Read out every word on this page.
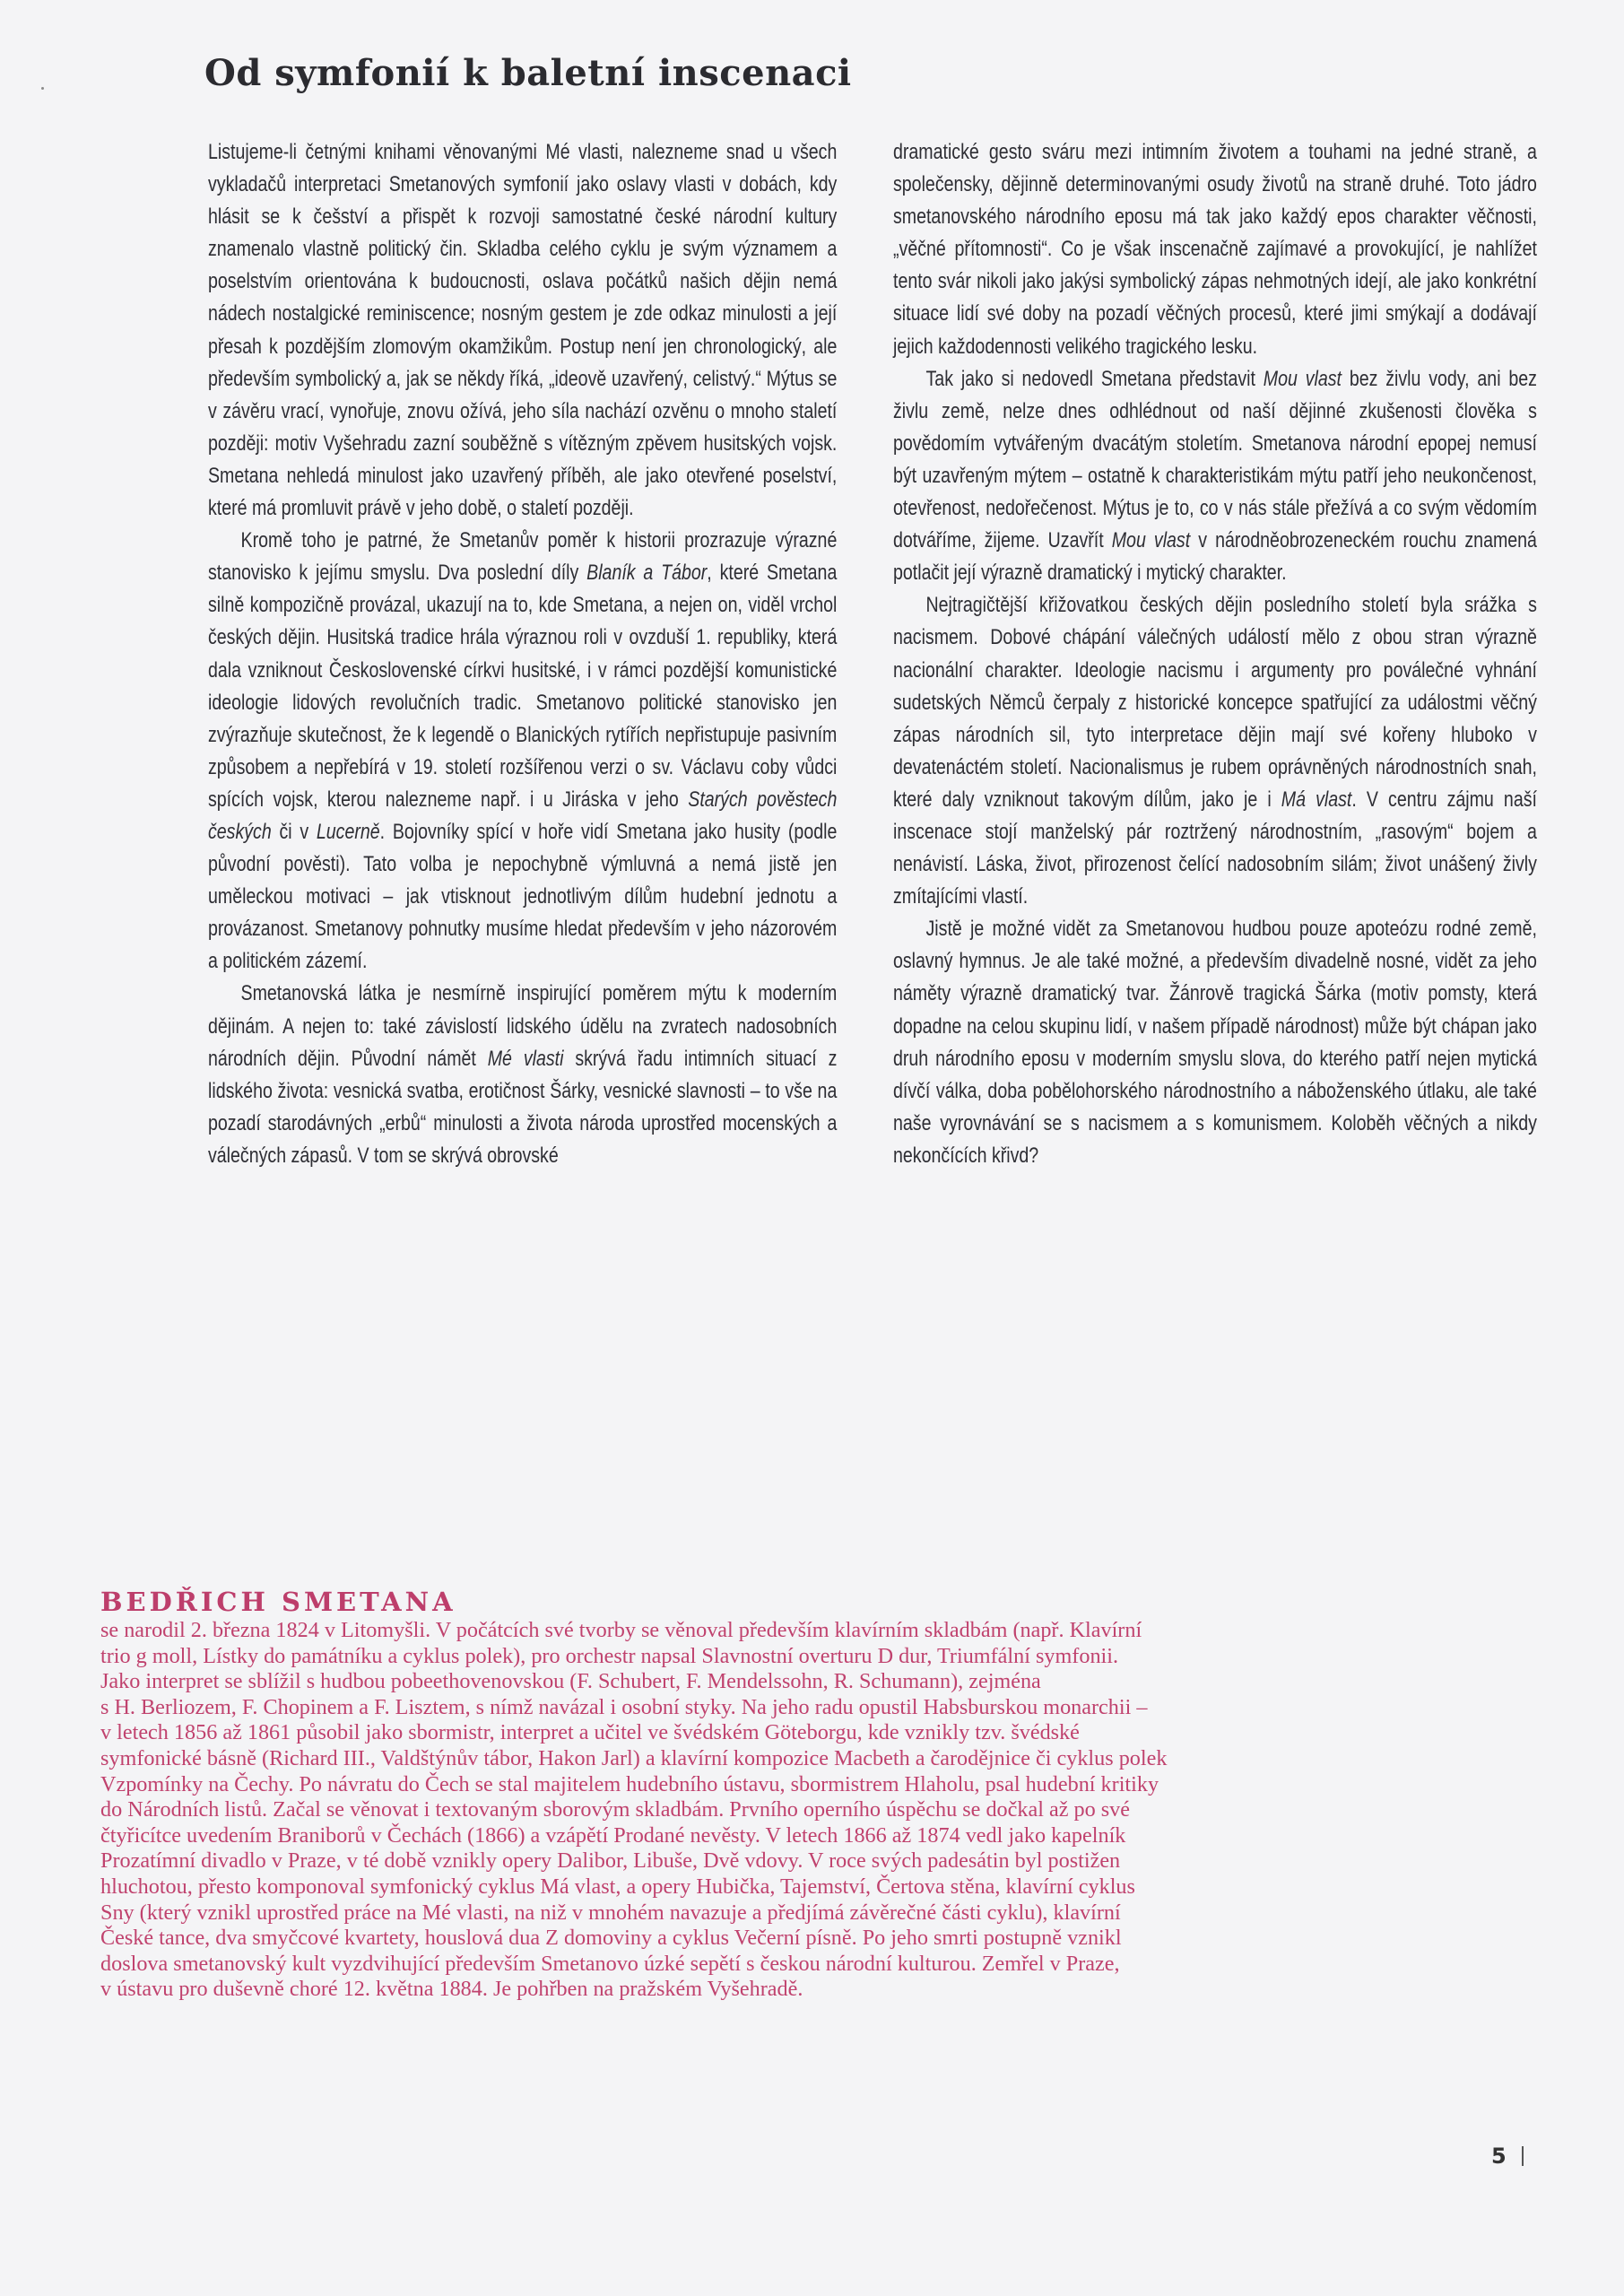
Od symfonií k baletní inscenaci

Listujeme-li četnými knihami věnovanými Mé vlasti, nalezneme snad u všech vykladačů interpretaci Smetanových symfonií jako oslavy vlasti v dobách, kdy hlásit se k češství a přispět k rozvoji samostatné české národní kultury znamenalo vlastně politický čin. Skladba celého cyklu je svým významem a poselstvím orientována k budoucnosti, oslava počátků našich dějin nemá nádech nostalgické reminiscence; nosným gestem je zde odkaz minulosti a její přesah k pozdějším zlomovým okamžikům. Postup není jen chronologický, ale především symbolický a, jak se někdy říká, „ideově uzavřený, celistvý.“ Mýtus se v závěru vrací, vynořuje, znovu ožívá, jeho síla nachází ozvěnu o mnoho staletí později: motiv Vyšehradu zazní souběžně s vítězným zpěvem husitských vojsk. Smetana nehledá minulost jako uzavřený příběh, ale jako otevřené poselství, které má promluvit právě v jeho době, o staletí později.

Kromě toho je patrné, že Smetanův poměr k historii prozrazuje výrazné stanovisko k jejímu smyslu. Dva poslední díly Blaník a Tábor, které Smetana silně kompozičně provázal, ukazují na to, kde Smetana, a nejen on, viděl vrchol českých dějin. Husitská tradice hrála výraznou roli v ovzduší 1. republiky, která dala vzniknout Československé církvi husitské, i v rámci pozdější komunistické ideologie lidových revolučních tradic. Smetanovo politické stanovisko jen zvýrazňuje skutečnost, že k legendě o Blanických rytířích nepřistupuje pasivním způsobem a nepřebírá v 19. století rozšířenou verzi o sv. Václavu coby vůdci spících vojsk, kterou nalezneme např. i u Jiráska v jeho Starých pověstech českých či v Lucerně. Bojovníky spící v hoře vidí Smetana jako husity (podle původní pověsti). Tato volba je nepochybně výmluvná a nemá jistě jen uměleckou motivaci – jak vtisknout jednotlivým dílům hudební jednotu a provázanost. Smetanovy pohnutky musíme hledat především v jeho názorovém a politickém zázemí.

Smetanovská látka je nesmírně inspirující poměrem mýtu k moderním dějinám. A nejen to: také závislostí lidského údělu na zvratech nadosobních národních dějin. Původní námět Mé vlasti skrývá řadu intimních situací z lidského života: vesnická svatba, erotičnost Šárky, vesnické slavnosti – to vše na pozadí starodávných „erbů“ minulosti a života národa uprostřed mocenských a válečných zápasů. V tom se skrývá obrovské

dramatické gesto sváru mezi intimním životem a touhami na jedné straně, a společensky, dějinně determinovanými osudy životů na straně druhé. Toto jádro smetanovského národního eposu má tak jako každý epos charakter věčnosti, „věčné přítomnosti“. Co je však inscenačně zajímavé a provokující, je nahlížet tento svár nikoli jako jakýsi symbolický zápas nehmotných idejí, ale jako konkrétní situace lidí své doby na pozadí věčných procesů, které jimi smýkají a dodávají jejich každodennosti velikého tragického lesku.

Tak jako si nedovedl Smetana představit Mou vlast bez živlu vody, ani bez živlu země, nelze dnes odhlédnout od naší dějinné zkušenosti člověka s povědomím vytvářeným dvacátým stoletím. Smetanova národní epopej nemusí být uzavřeným mýtem – ostatně k charakteristikám mýtu patří jeho neukončenost, otevřenost, nedořečenost. Mýtus je to, co v nás stále přežívá a co svým vědomím dotváříme, žijeme. Uzavřít Mou vlast v národněobrozeneckém rouchu znamená potlačit její výrazně dramatický i mytický charakter.

Nejtragičtější křižovatkou českých dějin posledního století byla srážka s nacismem. Dobové chápání válečných událostí mělo z obou stran výrazně nacionální charakter. Ideologie nacismu i argumenty pro poválečné vyhnání sudetských Němců čerpaly z historické koncepce spatřující za událostmi věčný zápas národních sil, tyto interpretace dějin mají své kořeny hluboko v devatenáctém století. Nacionalismus je rubem oprávněných národnostních snah, které daly vzniknout takovým dílům, jako je i Má vlast. V centru zájmu naší inscenace stojí manželský pár roztržený národnostním, „rasovým“ bojem a nenávistí. Láska, život, přirozenost čelící nadosobním silám; život unášený živly zmítajícími vlastí.

Jistě je možné vidět za Smetanovou hudbou pouze apoteózu rodné země, oslavný hymnus. Je ale také možné, a především divadelně nosné, vidět za jeho náměty výrazně dramatický tvar. Žánrově tragická Šárka (motiv pomsty, která dopadne na celou skupinu lidí, v našem případě národnost) může být chápan jako druh národního eposu v moderním smyslu slova, do kterého patří nejen mytická dívčí válka, doba pobělohorského národnostního a náboženského útlaku, ale také naše vyrovnávání se s nacismem a s komunismem. Koloběh věčných a nikdy nekončících křivd?

BEDŘICH SMETANA

se narodil 2. března 1824 v Litomyšli. V počátcích své tvorby se věnoval především klavírním skladbám (např. Klavírní
trio g moll, Lístky do památníku a cyklus polek), pro orchestr napsal Slavnostní overturu D dur, Triumfální symfonii.
Jako interpret se sblížil s hudbou pobeethovenovskou (F. Schubert, F. Mendelssohn, R. Schumann), zejména
s H. Berliozem, F. Chopinem a F. Lisztem, s nímž navázal i osobní styky. Na jeho radu opustil Habsburskou monarchii –
v letech 1856 až 1861 působil jako sbormistr, interpret a učitel ve švédském Göteborgu, kde vznikly tzv. švédské
symfonické básně (Richard III., Valdštýnův tábor, Hakon Jarl) a klavírní kompozice Macbeth a čarodějnice či cyklus polek
Vzpomínky na Čechy. Po návratu do Čech se stal majitelem hudebního ústavu, sbormistrem Hlaholu, psal hudební kritiky
do Národních listů. Začal se věnovat i textovaným sborovým skladbám. Prvního operního úspěchu se dočkal až po své
čtyřicítce uvedením Braniborů v Čechách (1866) a vzápětí Prodané nevěsty. V letech 1866 až 1874 vedl jako kapelník
Prozatímní divadlo v Praze, v té době vznikly opery Dalibor, Libuše, Dvě vdovy. V roce svých padesátin byl postižen
hluchotou, přesto komponoval symfonický cyklus Má vlast, a opery Hubička, Tajemství, Čertova stěna, klavírní cyklus
Sny (který vznikl uprostřed práce na Mé vlasti, na niž v mnohém navazuje a předjímá závěrečné části cyklu), klavírní
České tance, dva smyčcové kvartety, houslová dua Z domoviny a cyklus Večerní písně. Po jeho smrti postupně vznikl
doslova smetanovský kult vyzdvihující především Smetanovo úzké sepětí s českou národní kulturou. Zemřel v Praze,
v ústavu pro duševně choré 12. května 1884. Je pohřben na pražském Vyšehradě.

5
